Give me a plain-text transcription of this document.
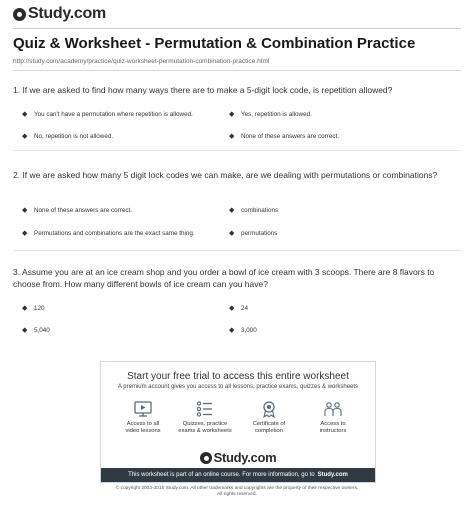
Study.com
Quiz & Worksheet - Permutation & Combination Practice
http://study.com/academy/practice/quiz-worksheet-permutation-combination-practice.html
1. If we are asked to find how many ways there are to make a 5-digit lock code, is repetition allowed?
◆	You can't have a permutation where repetition is allowed.	◆	Yes, repetition is allowed.
◆	No, repetition is not allowed.	◆	None of these answers are correct.
2. If we are asked how many 5 digit lock codes we can make, are we dealing with permutations or combinations?
◆	None of these answers are correct.	◆	combinations
◆	Permutations and combinations are the exact same thing.	◆	permutations
3. Assume you are at an ice cream shop and you order a bowl of ice cream with 3 scoops. There are 8 flavors to choose from. How many different bowls of ice cream can you have?
◆	120	◆	24
◆	5,040	◆	3,000
Start your free trial to access this entire worksheet
A premium account gives you access to all lessons, practice exams, quizzes & worksheets
Access to all
video lessons
Quizzes, practice
exams & worksheets
Certificate of
completion
Access to
instructors
Study.com
This worksheet is part of an online course. For more information, go to Study.com
© copyright 2003-2015 Study.com. All other trademarks and copyrights are the property of their respective owners.
All rights reserved.
